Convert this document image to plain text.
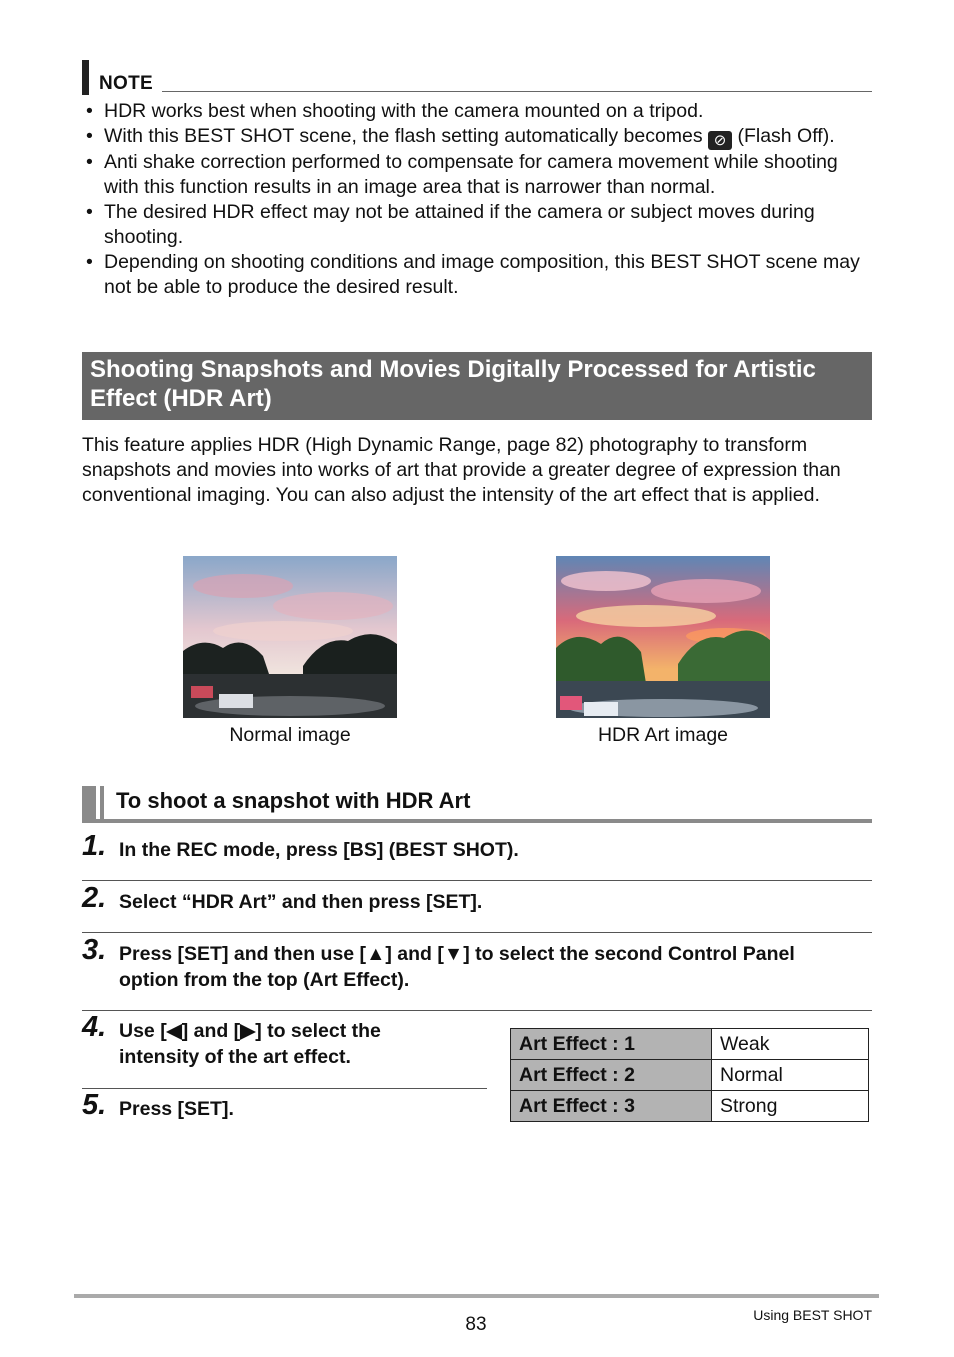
NOTE
• HDR works best when shooting with the camera mounted on a tripod.
• With this BEST SHOT scene, the flash setting automatically becomes ⊘ (Flash Off).
• Anti shake correction performed to compensate for camera movement while shooting with this function results in an image area that is narrower than normal.
• The desired HDR effect may not be attained if the camera or subject moves during shooting.
• Depending on shooting conditions and image composition, this BEST SHOT scene may not be able to produce the desired result.
Shooting Snapshots and Movies Digitally Processed for Artistic Effect (HDR Art)
This feature applies HDR (High Dynamic Range, page 82) photography to transform snapshots and movies into works of art that provide a greater degree of expression than conventional imaging. You can also adjust the intensity of the art effect that is applied.
Normal image	HDR Art image
To shoot a snapshot with HDR Art
1. In the REC mode, press [BS] (BEST SHOT).
2. Select “HDR Art” and then press [SET].
3. Press [SET] and then use [▲] and [▼] to select the second Control Panel option from the top (Art Effect).
4. Use [◀] and [▶] to select the intensity of the art effect.
5. Press [SET].
Art Effect : 1	Weak
Art Effect : 2	Normal
Art Effect : 3	Strong
83	Using BEST SHOT
